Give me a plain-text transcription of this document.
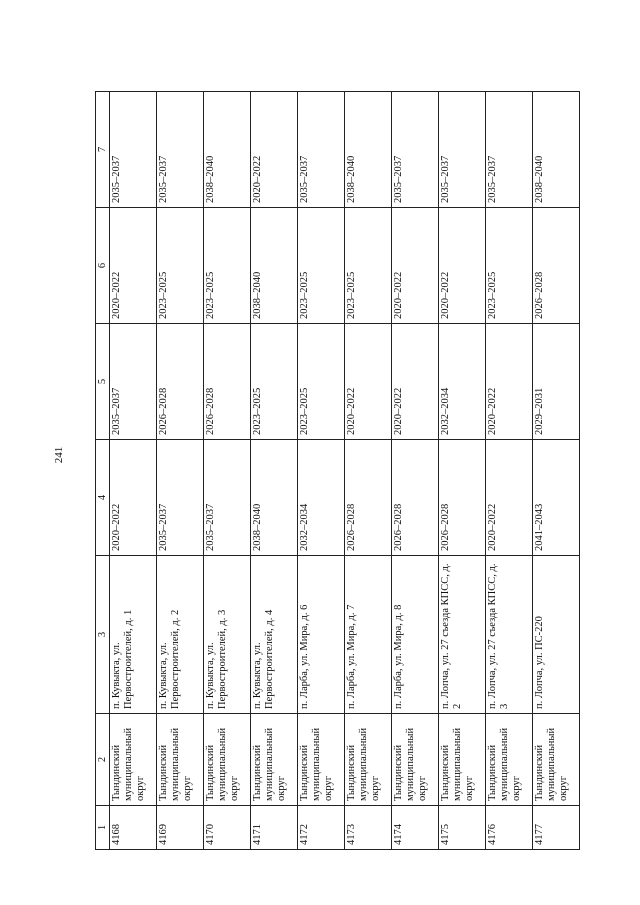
241
1	2	3	4	5	6	7
4168	Тындинский муниципальный округ	п. Кувыкта, ул. Первостроителей, д. 1	2020–2022	2035–2037	2020–2022	2035–2037
4169	Тындинский муниципальный округ	п. Кувыкта, ул. Первостроителей, д. 2	2035–2037	2026–2028	2023–2025	2035–2037
4170	Тындинский муниципальный округ	п. Кувыкта, ул. Первостроителей, д. 3	2035–2037	2026–2028	2023–2025	2038–2040
4171	Тындинский муниципальный округ	п. Кувыкта, ул. Первостроителей, д. 4	2038–2040	2023–2025	2038–2040	2020–2022
4172	Тындинский муниципальный округ	п. Ларба, ул. Мира, д. 6	2032–2034	2023–2025	2023–2025	2035–2037
4173	Тындинский муниципальный округ	п. Ларба, ул. Мира, д. 7	2026–2028	2020–2022	2023–2025	2038–2040
4174	Тындинский муниципальный округ	п. Ларба, ул. Мира, д. 8	2026–2028	2020–2022	2020–2022	2035–2037
4175	Тындинский муниципальный округ	п. Лопча, ул. 27 съезда КПСС, д. 2	2026–2028	2032–2034	2020–2022	2035–2037
4176	Тындинский муниципальный округ	п. Лопча, ул. 27 съезда КПСС, д. 3	2020–2022	2020–2022	2023–2025	2035–2037
4177	Тындинский муниципальный округ	п. Лопча, ул. ПС-220	2041–2043	2029–2031	2026–2028	2038–2040
